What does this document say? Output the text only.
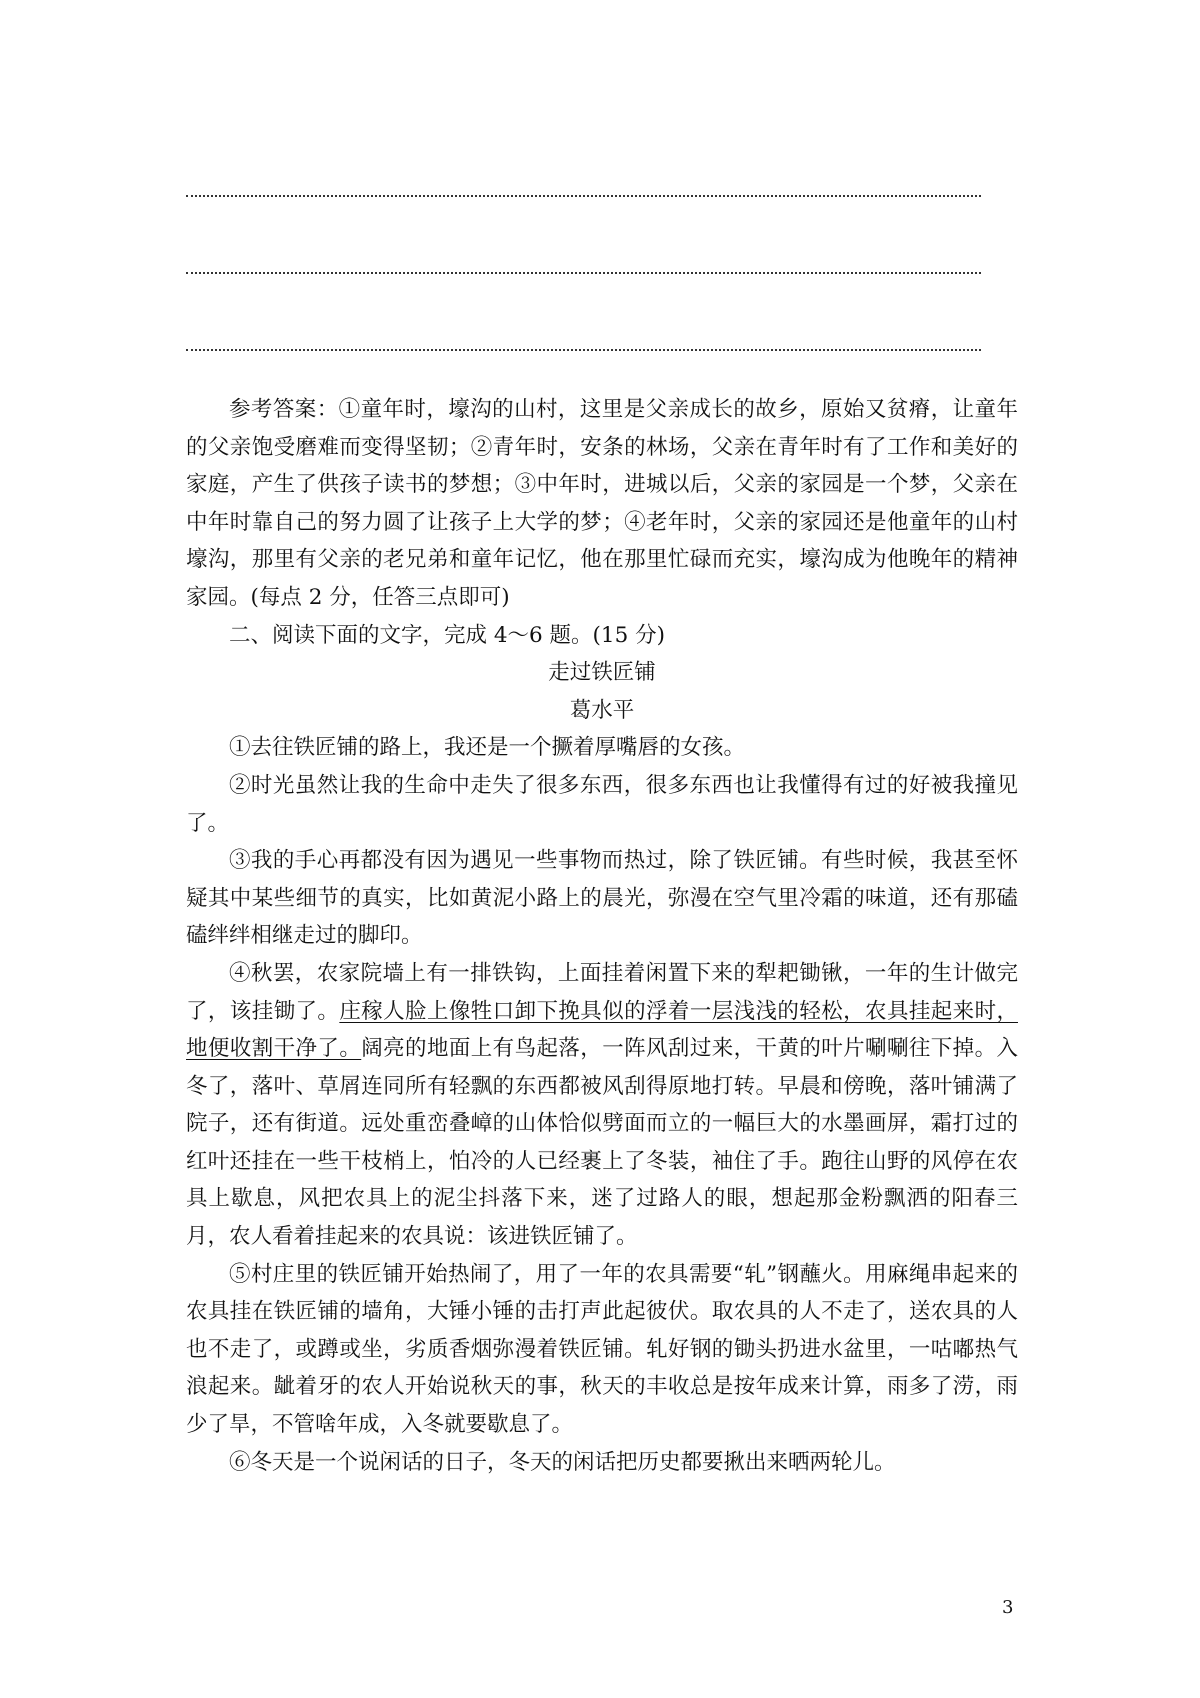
参考答案：①童年时，壕沟的山村，这里是父亲成长的故乡，原始又贫瘠，让童年的父亲饱受磨难而变得坚韧；②青年时，安条的林场，父亲在青年时有了工作和美好的家庭，产生了供孩子读书的梦想；③中年时，进城以后，父亲的家园是一个梦，父亲在中年时靠自己的努力圆了让孩子上大学的梦；④老年时，父亲的家园还是他童年的山村壕沟，那里有父亲的老兄弟和童年记忆，他在那里忙碌而充实，壕沟成为他晚年的精神家园。(每点 2 分，任答三点即可)

二、阅读下面的文字，完成 4～6 题。(15 分)

走过铁匠铺

葛水平

①去往铁匠铺的路上，我还是一个撅着厚嘴唇的女孩。

②时光虽然让我的生命中走失了很多东西，很多东西也让我懂得有过的好被我撞见了。

③我的手心再都没有因为遇见一些事物而热过，除了铁匠铺。有些时候，我甚至怀疑其中某些细节的真实，比如黄泥小路上的晨光，弥漫在空气里冷霜的味道，还有那磕磕绊绊相继走过的脚印。

④秋罢，农家院墙上有一排铁钩，上面挂着闲置下来的犁耙锄锹，一年的生计做完了，该挂锄了。庄稼人脸上像牲口卸下挽具似的浮着一层浅浅的轻松，农具挂起来时，地便收割干净了。阔亮的地面上有鸟起落，一阵风刮过来，干黄的叶片唰唰往下掉。入冬了，落叶、草屑连同所有轻飘的东西都被风刮得原地打转。早晨和傍晚，落叶铺满了院子，还有街道。远处重峦叠嶂的山体恰似劈面而立的一幅巨大的水墨画屏，霜打过的红叶还挂在一些干枝梢上，怕冷的人已经裹上了冬装，袖住了手。跑往山野的风停在农具上歇息，风把农具上的泥尘抖落下来，迷了过路人的眼，想起那金粉飘洒的阳春三月，农人看着挂起来的农具说：该进铁匠铺了。

⑤村庄里的铁匠铺开始热闹了，用了一年的农具需要“轧”钢蘸火。用麻绳串起来的农具挂在铁匠铺的墙角，大锤小锤的击打声此起彼伏。取农具的人不走了，送农具的人也不走了，或蹲或坐，劣质香烟弥漫着铁匠铺。轧好钢的锄头扔进水盆里，一咕嘟热气浪起来。龇着牙的农人开始说秋天的事，秋天的丰收总是按年成来计算，雨多了涝，雨少了旱，不管啥年成，入冬就要歇息了。

⑥冬天是一个说闲话的日子，冬天的闲话把历史都要揪出来晒两轮儿。

3
